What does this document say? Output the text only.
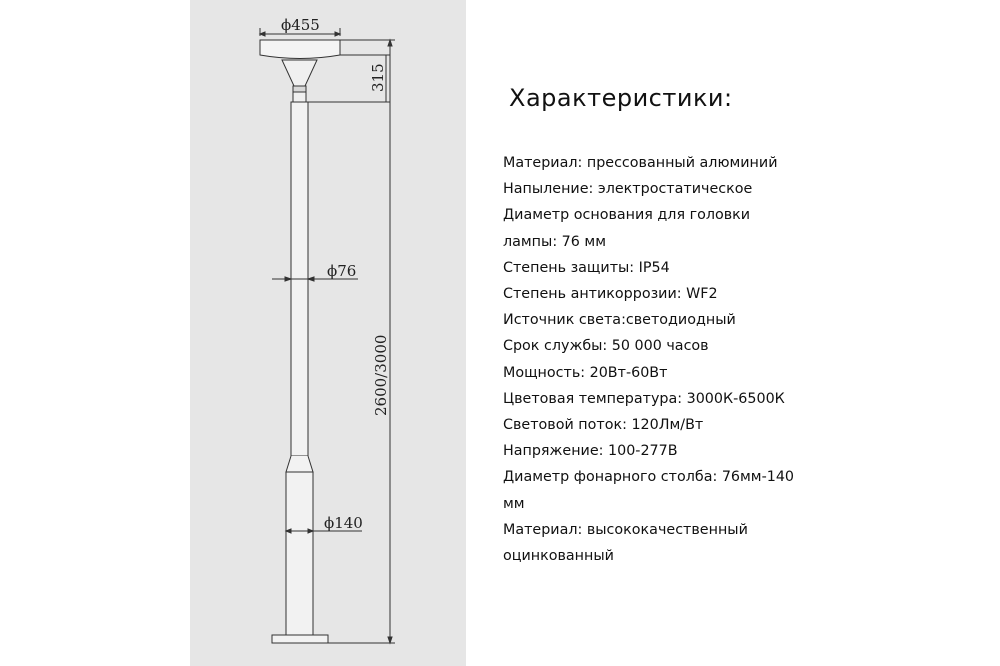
ϕ455
315
2600/3000
ϕ76
ϕ140
Характеристики:
Материал: прессованный алюминий
Напыление: электростатическое
Диаметр основания для головки
лампы: 76 мм
Степень защиты: IP54
Степень антикоррозии: WF2
Источник света:светодиодный
Срок службы: 50 000 часов
Мощность: 20Вт-60Вт
Цветовая температура: 3000К-6500К
Световой поток: 120Лм/Вт
Напряжение: 100-277В
Диаметр фонарного столба: 76мм-140
мм
Материал: высококачественный
оцинкованный
